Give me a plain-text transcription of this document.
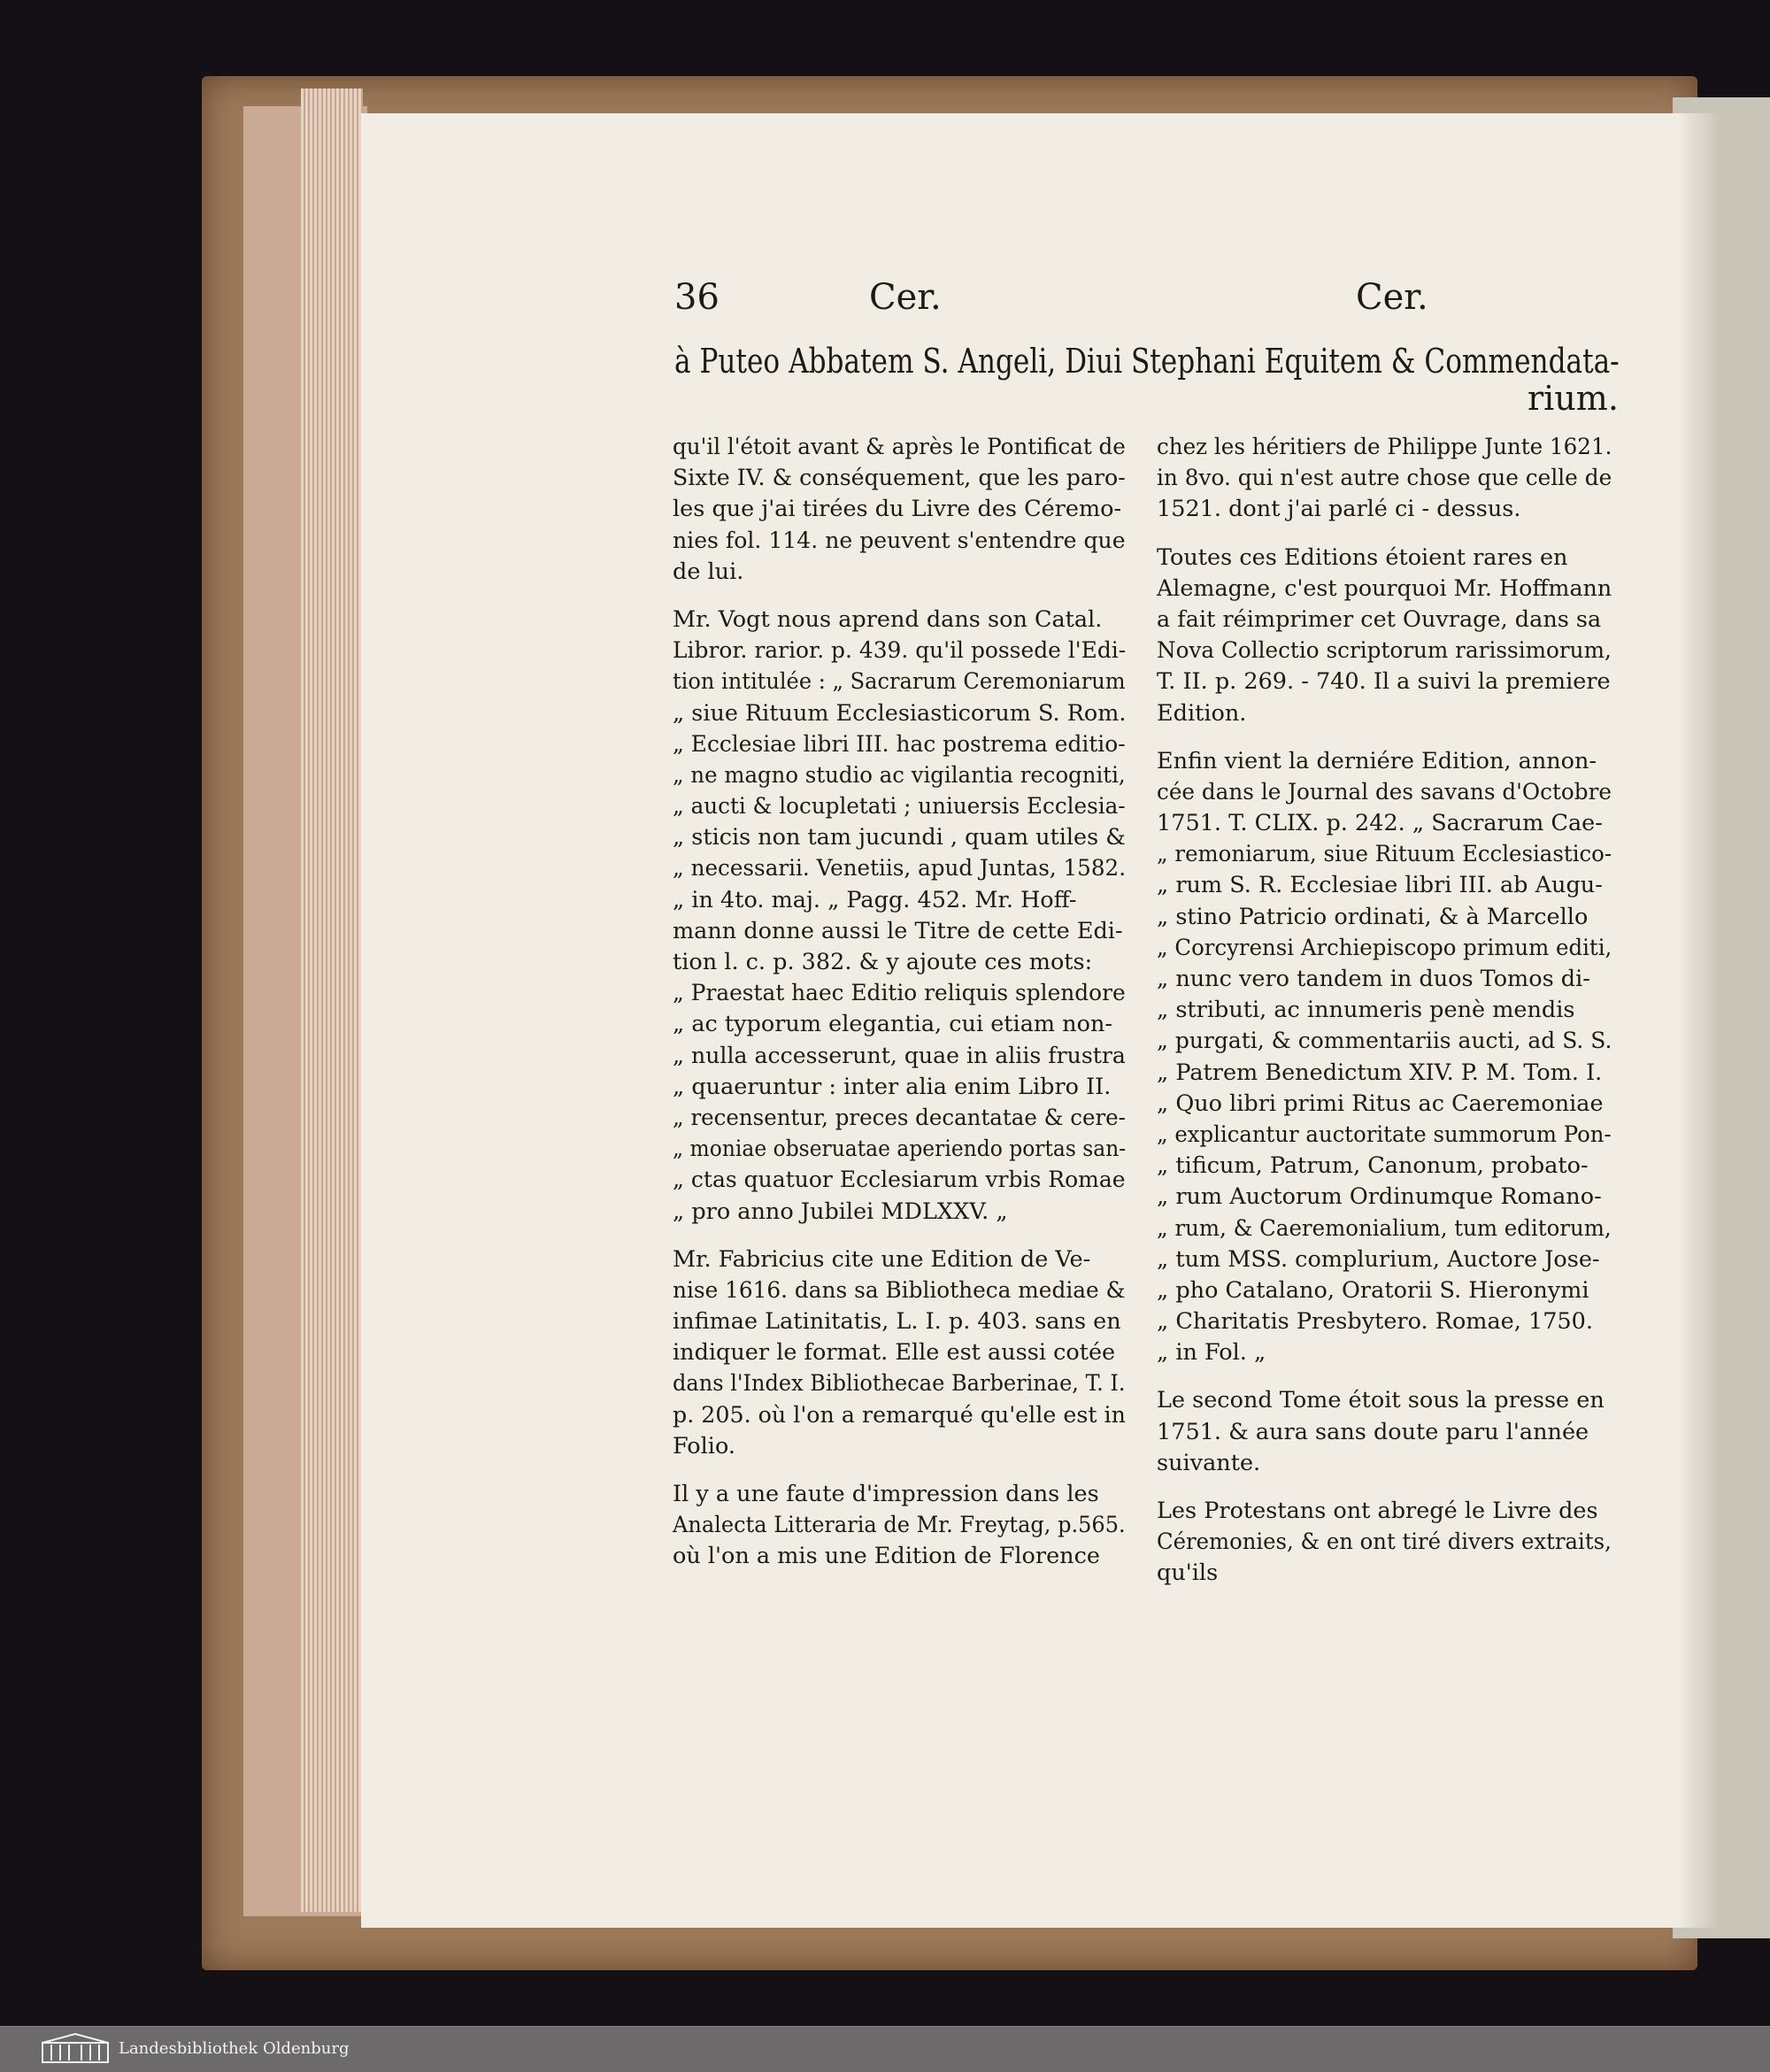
36	Cer.	Cer.
à Puteo Abbatem S. Angeli, Diui Stephani Equitem & Commendata-
rium.
qu'il l'étoit avant & après le Pontificat de
Sixte IV. & conséquement, que les paro-
les que j'ai tirées du Livre des Céremo-
nies fol. 114. ne peuvent s'entendre que
de lui.
Mr. Vogt nous aprend dans son Catal.
Libror. rarior. p. 439. qu'il possede l'Edi-
tion intitulée : „ Sacrarum Ceremoniarum
„ siue Rituum Ecclesiasticorum S. Rom.
„ Ecclesiae libri III. hac postrema editio-
„ ne magno studio ac vigilantia recogniti,
„ aucti & locupletati ; uniuersis Ecclesia-
„ sticis non tam jucundi , quam utiles &
„ necessarii. Venetiis, apud Juntas, 1582.
„ in 4to. maj. „ Pagg. 452. Mr. Hoff-
mann donne aussi le Titre de cette Edi-
tion l. c. p. 382. & y ajoute ces mots:
„ Praestat haec Editio reliquis splendore
„ ac typorum elegantia, cui etiam non-
„ nulla accesserunt, quae in aliis frustra
„ quaeruntur : inter alia enim Libro II.
„ recensentur, preces decantatae & cere-
„ moniae obseruatae aperiendo portas san-
„ ctas quatuor Ecclesiarum vrbis Romae
„ pro anno Jubilei MDLXXV. „
Mr. Fabricius cite une Edition de Ve-
nise 1616. dans sa Bibliotheca mediae &
infimae Latinitatis, L. I. p. 403. sans en
indiquer le format. Elle est aussi cotée
dans l'Index Bibliothecae Barberinae, T. I.
p. 205. où l'on a remarqué qu'elle est in
Folio.
Il y a une faute d'impression dans les
Analecta Litteraria de Mr. Freytag, p.565.
où l'on a mis une Edition de Florence
chez les héritiers de Philippe Junte 1621.
in 8vo. qui n'est autre chose que celle de
1521. dont j'ai parlé ci - dessus.
Toutes ces Editions étoient rares en
Alemagne, c'est pourquoi Mr. Hoffmann
a fait réimprimer cet Ouvrage, dans sa
Nova Collectio scriptorum rarissimorum,
T. II. p. 269. - 740. Il a suivi la premiere
Edition.
Enfin vient la derniére Edition, annon-
cée dans le Journal des savans d'Octobre
1751. T. CLIX. p. 242. „ Sacrarum Cae-
„ remoniarum, siue Rituum Ecclesiastico-
„ rum S. R. Ecclesiae libri III. ab Augu-
„ stino Patricio ordinati, & à Marcello
„ Corcyrensi Archiepiscopo primum editi,
„ nunc vero tandem in duos Tomos di-
„ stributi, ac innumeris penè mendis
„ purgati, & commentariis aucti, ad S. S.
„ Patrem Benedictum XIV. P. M. Tom. I.
„ Quo libri primi Ritus ac Caeremoniae
„ explicantur auctoritate summorum Pon-
„ tificum, Patrum, Canonum, probato-
„ rum Auctorum Ordinumque Romano-
„ rum, & Caeremonialium, tum editorum,
„ tum MSS. complurium, Auctore Jose-
„ pho Catalano, Oratorii S. Hieronymi
„ Charitatis Presbytero. Romae, 1750.
„ in Fol. „
Le second Tome étoit sous la presse en
1751. & aura sans doute paru l'année
suivante.
Les Protestans ont abregé le Livre des
Céremonies, & en ont tiré divers extraits,
qu'ils
Landesbibliothek Oldenburg
